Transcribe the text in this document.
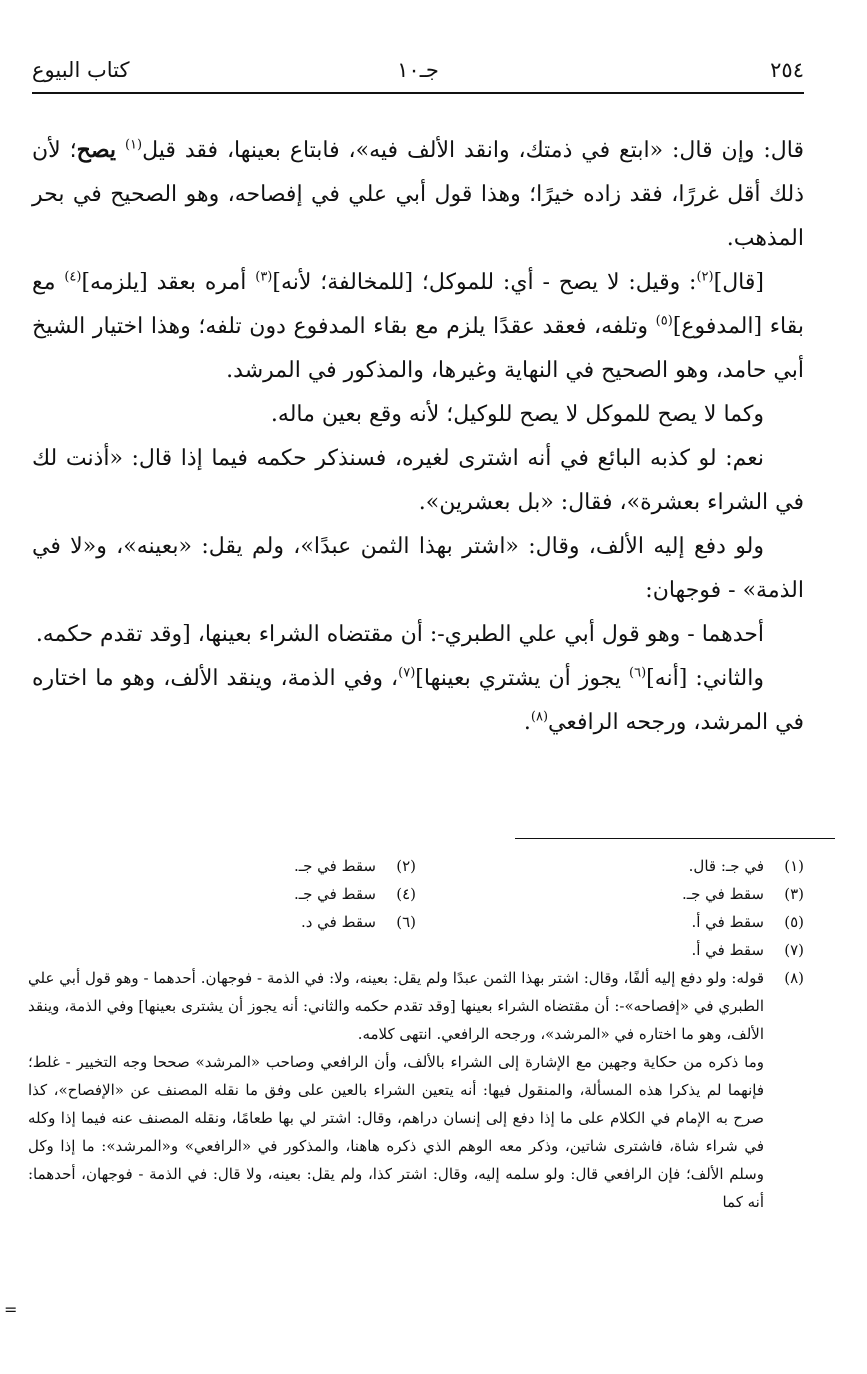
٢٥٤
جـ١٠
كتاب البيوع

قال: وإن قال: «ابتع في ذمتك، وانقد الألف فيه»، فابتاع بعينها، فقد قيل$^{(١)}$ يصح؛ لأن ذلك أقل غررًا، فقد زاده خيرًا؛ وهذا قول أبي علي في إفصاحه، وهو الصحيح في بحر المذهب.

[قال]$^{(٢)}$: وقيل: لا يصح - أي: للموكل؛ [للمخالفة؛ لأنه]$^{(٣)}$ أمره بعقد [يلزمه]$^{(٤)}$ مع بقاء [المدفوع]$^{(٥)}$ وتلفه، فعقد عقدًا يلزم مع بقاء المدفوع دون تلفه؛ وهذا اختيار الشيخ أبي حامد، وهو الصحيح في النهاية وغيرها، والمذكور في المرشد.

وكما لا يصح للموكل لا يصح للوكيل؛ لأنه وقع بعين ماله.

نعم: لو كذبه البائع في أنه اشترى لغيره، فسنذكر حكمه فيما إذا قال: «أذنت لك في الشراء بعشرة»، فقال: «بل بعشرين».

ولو دفع إليه الألف، وقال: «اشتر بهذا الثمن عبدًا»، ولم يقل: «بعينه»، و«لا في الذمة» - فوجهان:

أحدهما - وهو قول أبي علي الطبري-: أن مقتضاه الشراء بعينها، [وقد تقدم حكمه.

والثاني: [أنه]$^{(٦)}$ يجوز أن يشتري بعينها]$^{(٧)}$، وفي الذمة، وينقد الألف، وهو ما اختاره في المرشد، ورجحه الرافعي$^{(٨)}$.

(١)
في جـ: قال.
(٢)
سقط في جـ.
(٣)
سقط في جـ.
(٤)
سقط في جـ.
(٥)
سقط في أ.
(٦)
سقط في د.
(٧)
سقط في أ.
(٨)

قوله: ولو دفع إليه ألفًا، وقال: اشتر بهذا الثمن عبدًا ولم يقل: بعينه، ولا: في الذمة - فوجهان. أحدهما - وهو قول أبي علي الطبري في «إفصاحه»-: أن مقتضاه الشراء بعينها [وقد تقدم حكمه والثاني: أنه يجوز أن يشترى بعينها] وفي الذمة، وينقد الألف، وهو ما اختاره في «المرشد»، ورجحه الرافعي. انتهى كلامه.

وما ذكره من حكاية وجهين مع الإشارة إلى الشراء بالألف، وأن الرافعي وصاحب «المرشد» صححا وجه التخيير - غلط؛ فإنهما لم يذكرا هذه المسألة، والمنقول فيها: أنه يتعين الشراء بالعين على وفق ما نقله المصنف عن «الإفصاح»، كذا صرح به الإمام في الكلام على ما إذا دفع إلى إنسان دراهم، وقال: اشتر لي بها طعامًا، ونقله المصنف عنه فيما إذا وكله في شراء شاة، فاشترى شاتين، وذكر معه الوهم الذي ذكره هاهنا، والمذكور في «الرافعي» و«المرشد»: ما إذا وكل وسلم الألف؛ فإن الرافعي قال: ولو سلمه إليه، وقال: اشتر كذا، ولم يقل: بعينه، ولا قال: في الذمة - فوجهان، أحدهما: أنه كما

=
